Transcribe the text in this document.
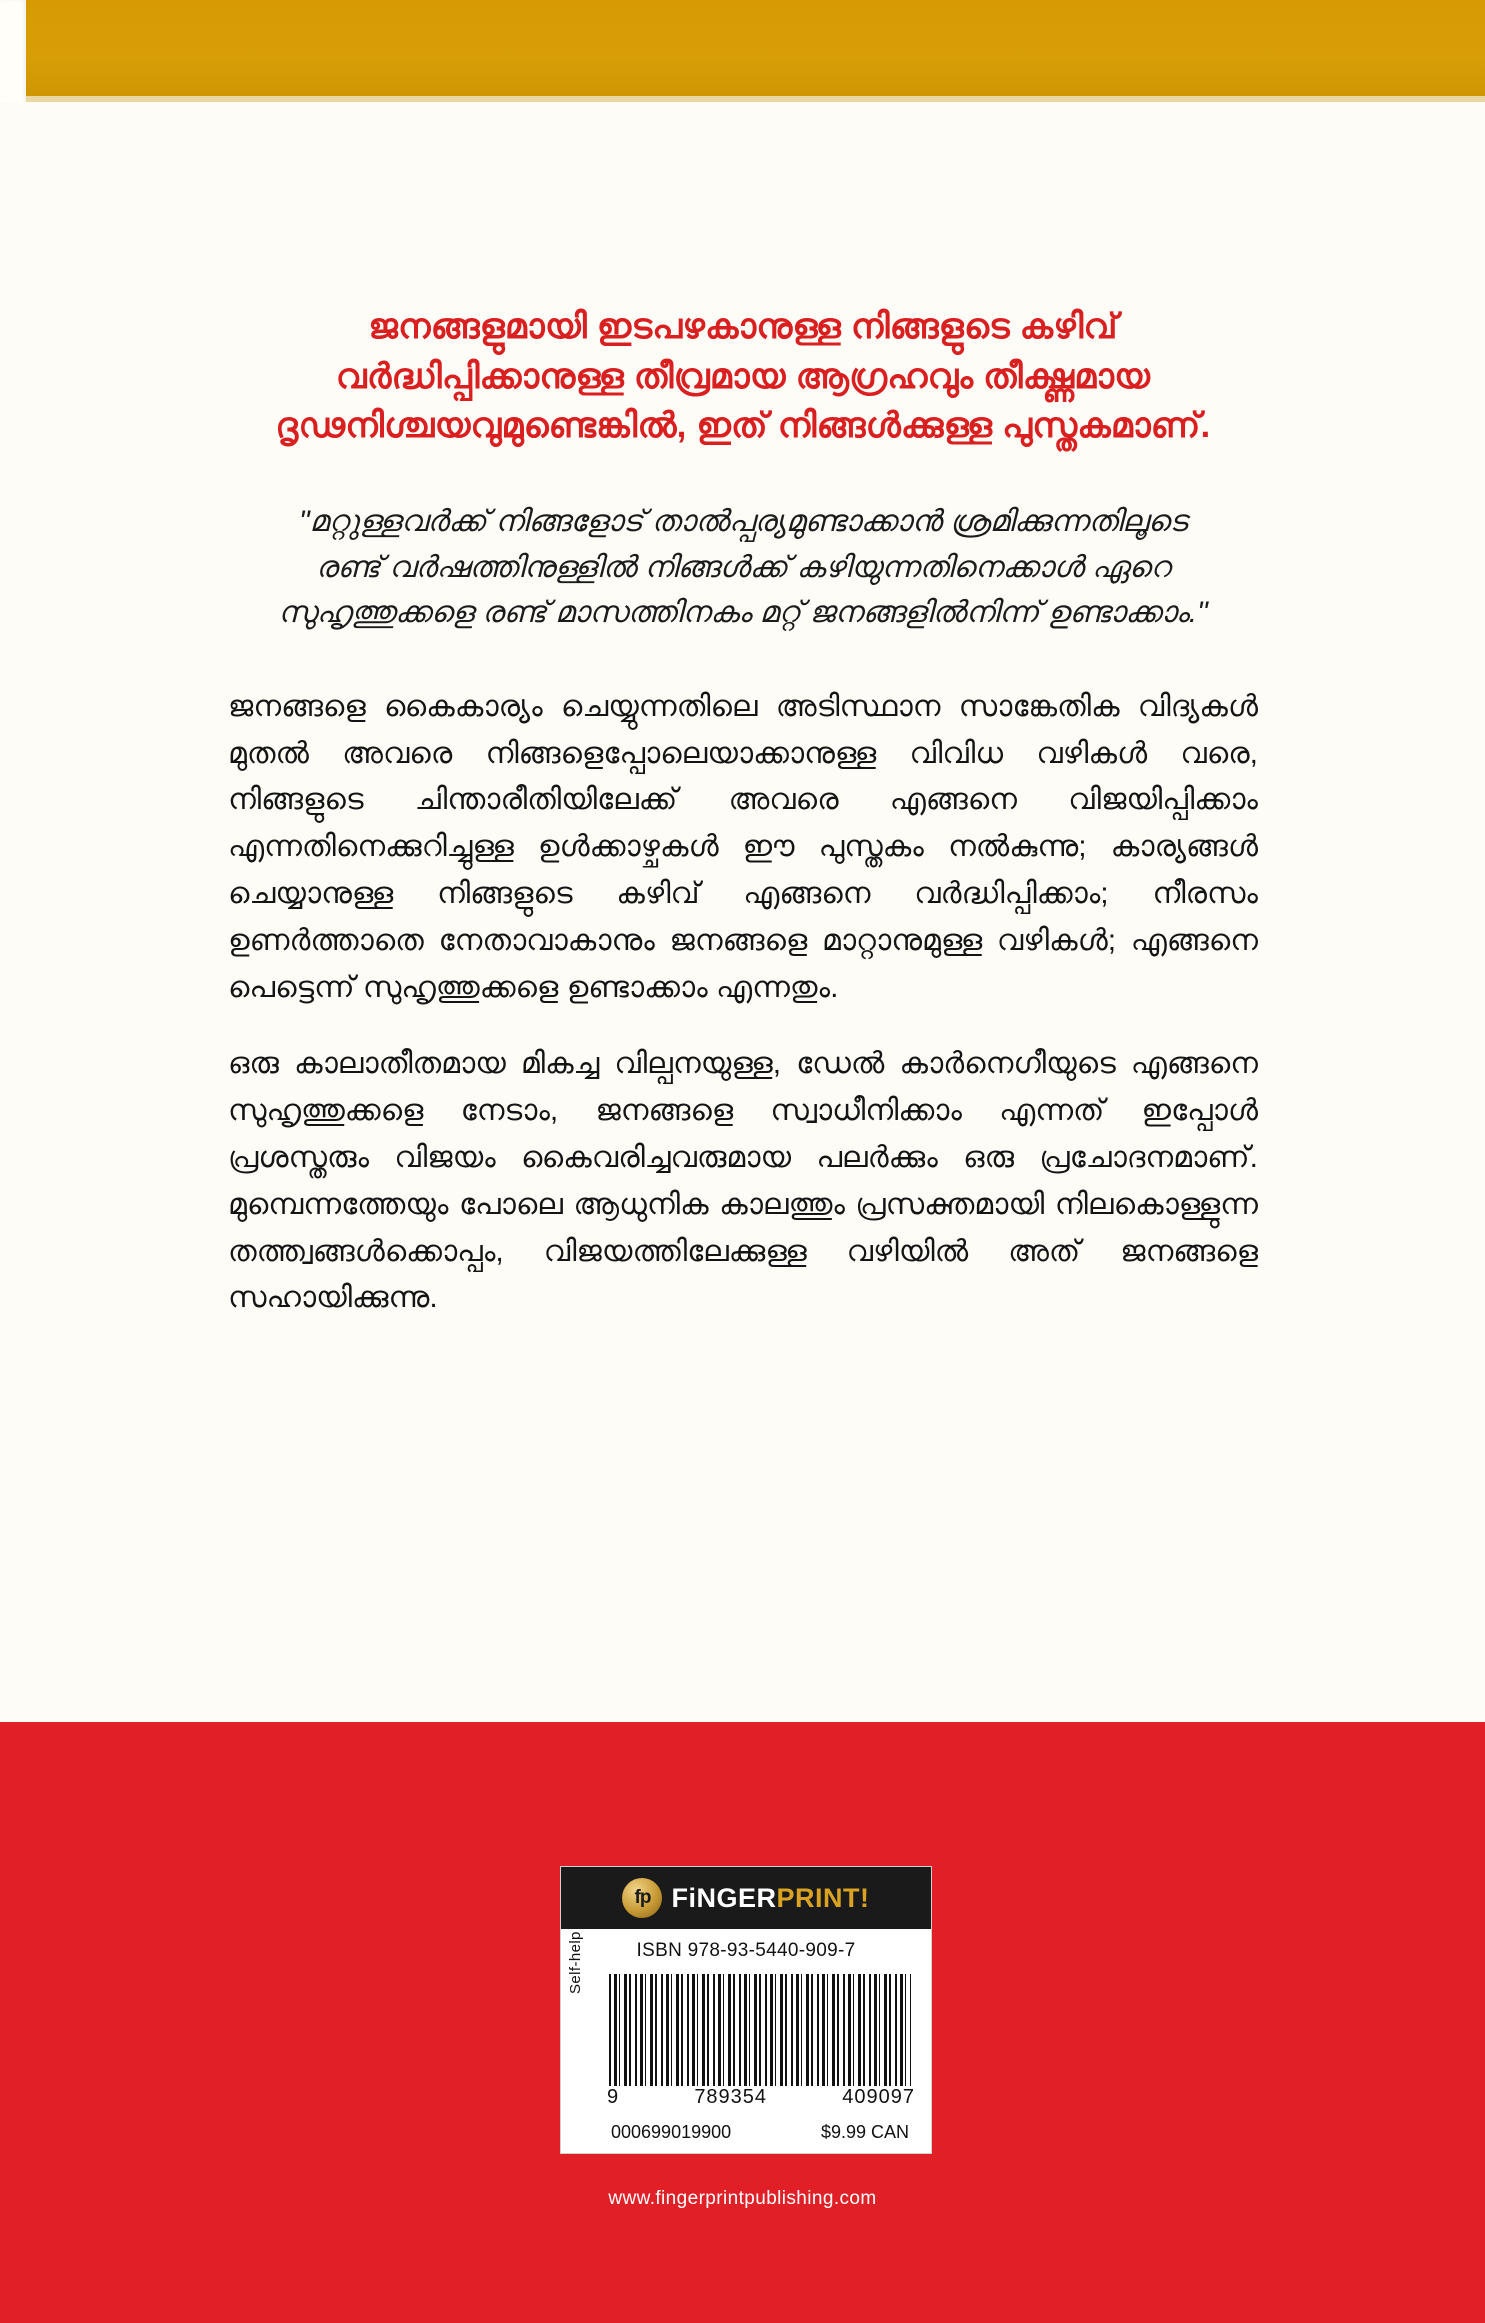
ജനങ്ങളുമായി ഇടപഴകാനുള്ള നിങ്ങളുടെ കഴിവ് വർദ്ധിപ്പിക്കാനുള്ള തീവ്രമായ ആഗ്രഹവും തീക്ഷ്ണമായ ദൃഢനിശ്ചയവുമുണ്ടെങ്കിൽ, ഇത് നിങ്ങൾക്കുള്ള പുസ്തകമാണ്.
"മറ്റുള്ളവർക്ക് നിങ്ങളോട് താൽപ്പര്യമുണ്ടാക്കാൻ ശ്രമിക്കുന്നതിലൂടെ രണ്ട് വർഷത്തിനുള്ളിൽ നിങ്ങൾക്ക് കഴിയുന്നതിനെക്കാൾ ഏറെ സുഹൃത്തുക്കളെ രണ്ട് മാസത്തിനകം മറ്റ് ജനങ്ങളിൽനിന്ന് ഉണ്ടാക്കാം."

ജനങ്ങളെ കൈകാര്യം ചെയ്യുന്നതിലെ അടിസ്ഥാന സാങ്കേതിക വിദ്യകൾ മുതൽ അവരെ നിങ്ങളെപ്പോലെയാക്കാനുള്ള വിവിധ വഴികൾ വരെ, നിങ്ങളുടെ ചിന്താരീതിയിലേക്ക് അവരെ എങ്ങനെ വിജയിപ്പിക്കാം എന്നതിനെക്കുറിച്ചുള്ള ഉൾക്കാഴ്ചകൾ ഈ പുസ്തകം നൽകുന്നു; കാര്യങ്ങൾ ചെയ്യാനുള്ള നിങ്ങളുടെ കഴിവ് എങ്ങനെ വർദ്ധിപ്പിക്കാം; നീരസം ഉണർത്താതെ നേതാവാകാനും ജനങ്ങളെ മാറ്റാനുമുള്ള വഴികൾ; എങ്ങനെ പെട്ടെന്ന് സുഹൃത്തുക്കളെ ഉണ്ടാക്കാം എന്നതും.

ഒരു കാലാതീതമായ മികച്ച വില്പനയുള്ള, ഡേൽ കാർനെഗീയുടെ എങ്ങനെ സുഹൃത്തുക്കളെ നേടാം, ജനങ്ങളെ സ്വാധീനിക്കാം എന്നത് ഇപ്പോൾ പ്രശസ്തരും വിജയം കൈവരിച്ചവരുമായ പലർക്കും ഒരു പ്രചോദനമാണ്. മുമ്പെന്നത്തേയും പോലെ ആധുനിക കാലത്തും പ്രസക്തമായി നിലകൊള്ളുന്ന തത്ത്വങ്ങൾക്കൊപ്പം, വിജയത്തിലേക്കുള്ള വഴിയിൽ അത് ജനങ്ങളെ സഹായിക്കുന്നു.

fp FiNGERPRINT!
ISBN 978-93-5440-909-7
Self-help
9	789354	409097
000699019900	$9.99 CAN
www.fingerprintpublishing.com
